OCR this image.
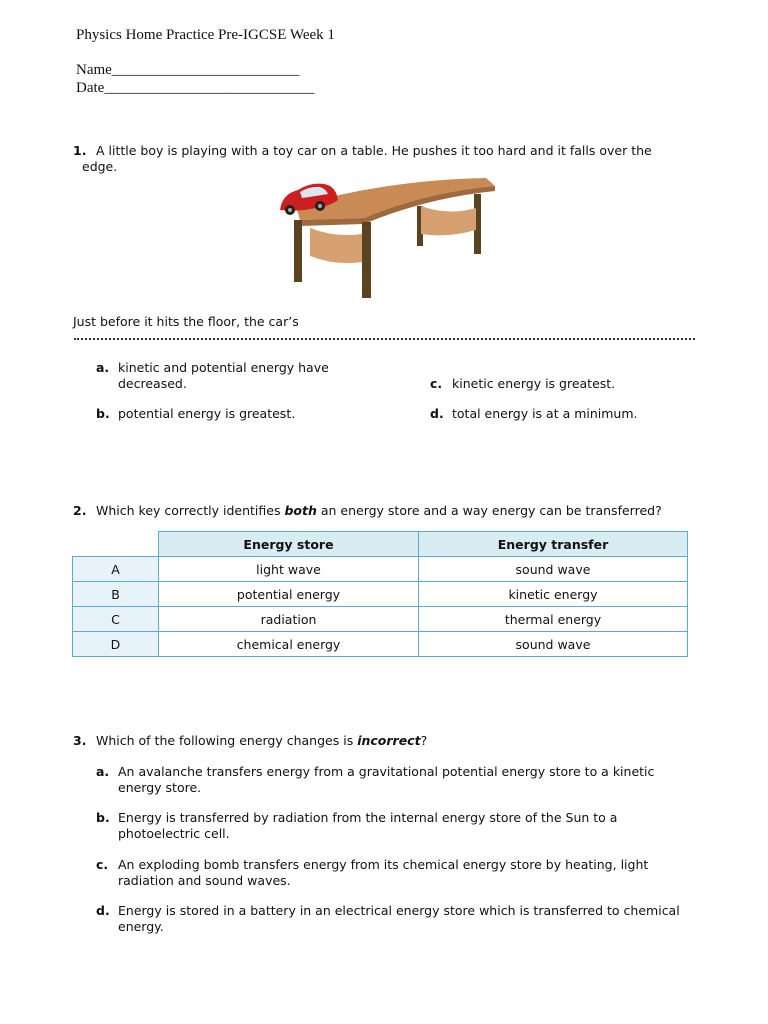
Physics Home Practice Pre-IGCSE Week 1
Name_________________________
Date____________________________
1. A little boy is playing with a toy car on a table. He pushes it too hard and it falls over the
edge.
Just before it hits the floor, the car’s
a. kinetic and potential energy have
decreased.
b. potential energy is greatest.
c. kinetic energy is greatest.
d. total energy is at a minimum.
2. Which key correctly identifies both an energy store and a way energy can be transferred?
	Energy store	Energy transfer
A	light wave	sound wave
B	potential energy	kinetic energy
C	radiation	thermal energy
D	chemical energy	sound wave
3. Which of the following energy changes is incorrect?
a. An avalanche transfers energy from a gravitational potential energy store to a kinetic
energy store.
b. Energy is transferred by radiation from the internal energy store of the Sun to a
photoelectric cell.
c. An exploding bomb transfers energy from its chemical energy store by heating, light
radiation and sound waves.
d. Energy is stored in a battery in an electrical energy store which is transferred to chemical
energy.
